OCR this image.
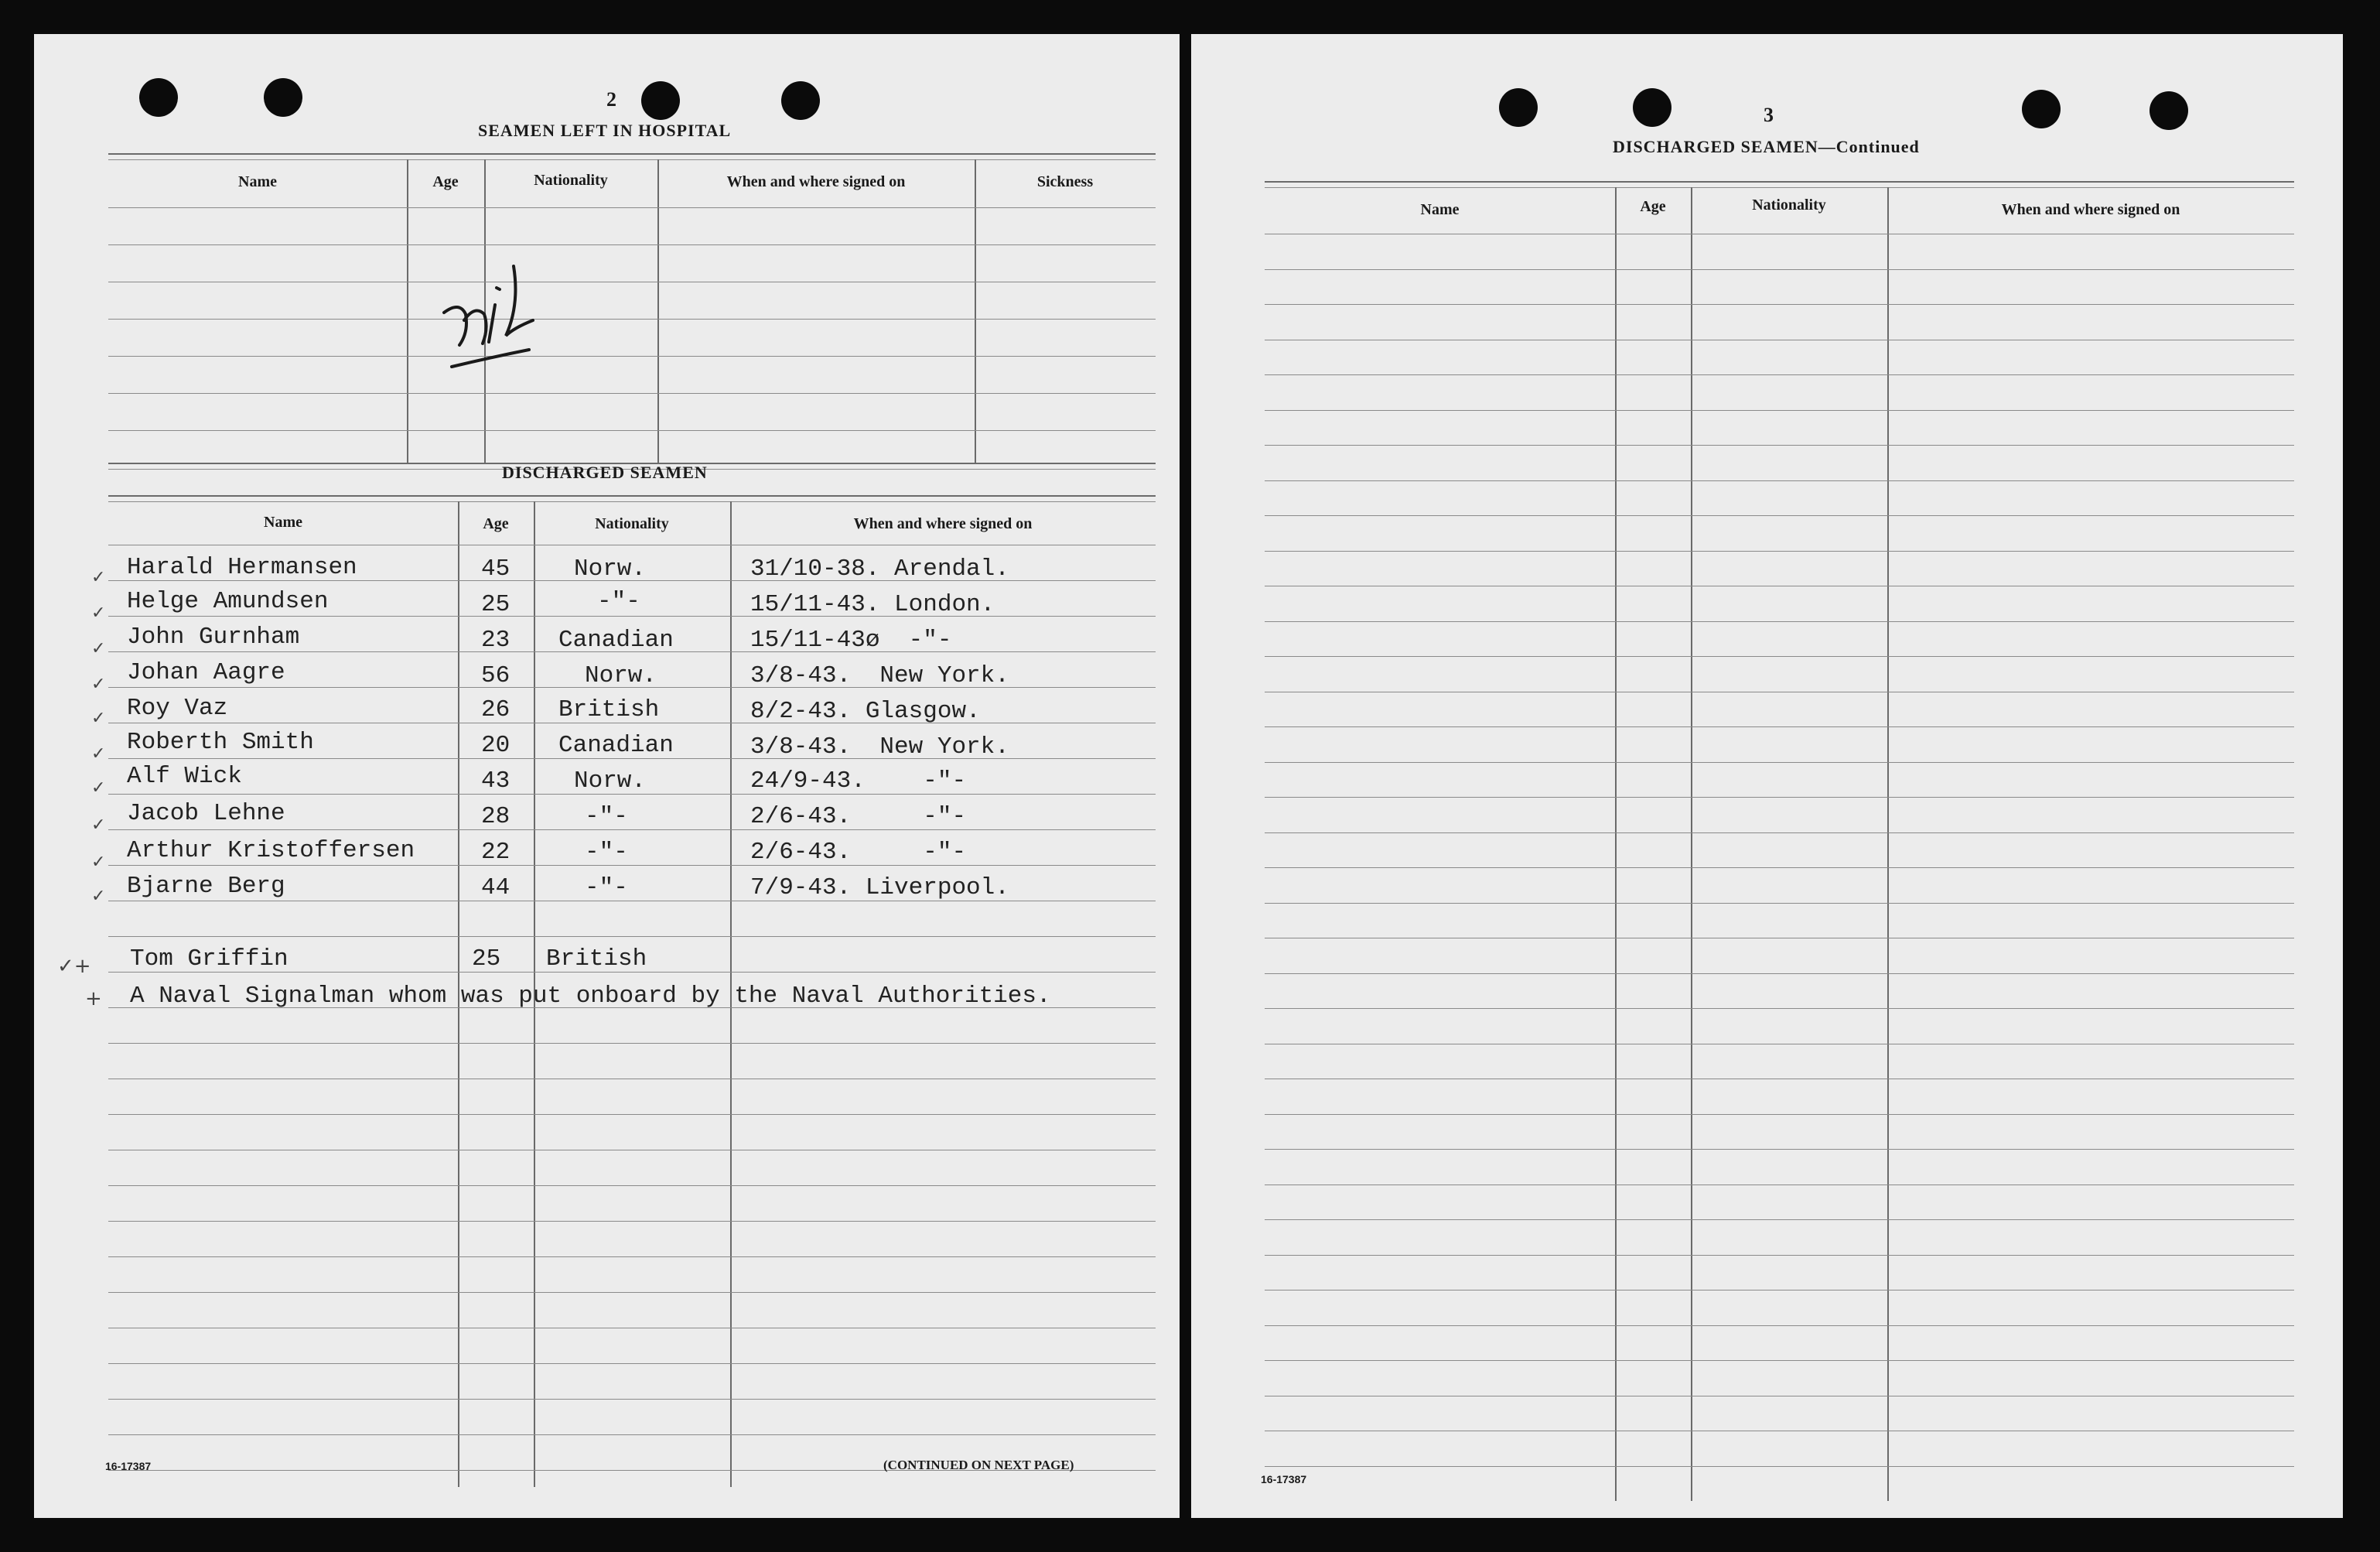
2
SEAMEN LEFT IN HOSPITAL
Name	Age	Nationality	When and where signed on	Sickness
DISCHARGED SEAMEN
Name	Age	Nationality	When and where signed on
✓ Harald Hermansen	45	Norw.	31/10-38. Arendal.
✓ Helge Amundsen	25	-"-	15/11-43. London.
✓ John Gurnham	23 Canadian	15/11-43ø  -"-
✓ Johan Aagre	56	Norw.	3/8-43.  New York.
✓ Roy Vaz	26 British	8/2-43. Glasgow.
✓ Roberth Smith	20 Canadian	3/8-43.  New York.
✓ Alf Wick	43	Norw.	24/9-43.    -"-
✓ Jacob Lehne	28	-"-	2/6-43.     -"-
✓ Arthur Kristoffersen	22	-"-	2/6-43.     -"-
✓ Bjarne Berg	44	-"-	7/9-43. Liverpool.
✓+ Tom Griffin	25 British
+ A Naval Signalman whom was put onboard by the Naval Authorities.
16-17387	(CONTINUED ON NEXT PAGE)
3
DISCHARGED SEAMEN—Continued
Name	Age	Nationality	When and where signed on
16-17387
